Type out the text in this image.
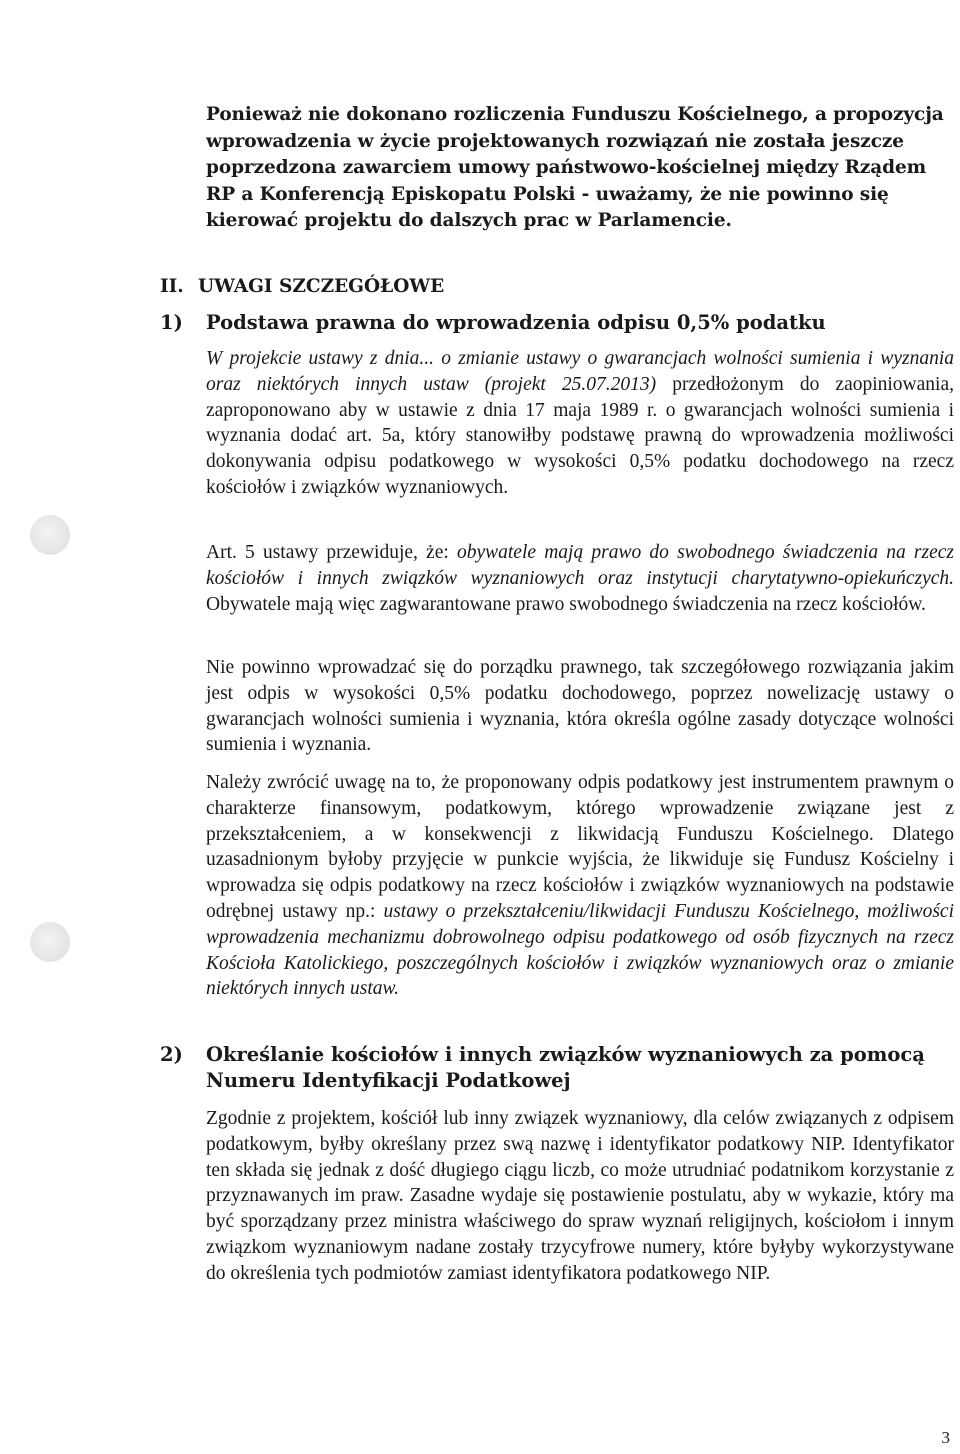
Ponieważ nie dokonano rozliczenia Funduszu Kościelnego, a propozycja wprowadzenia w życie projektowanych rozwiązań nie została jeszcze poprzedzona zawarciem umowy państwowo-kościelnej między Rządem RP a Konferencją Episkopatu Polski - uważamy, że nie powinno się kierować projektu do dalszych prac w Parlamencie.

II. UWAGI SZCZEGÓŁOWE
1) Podstawa prawna do wprowadzenia odpisu 0,5% podatku

W projekcie ustawy z dnia... o zmianie ustawy o gwarancjach wolności sumienia i wyznania oraz niektórych innych ustaw (projekt 25.07.2013) przedłożonym do zaopiniowania, zaproponowano aby w ustawie z dnia 17 maja 1989 r. o gwarancjach wolności sumienia i wyznania dodać art. 5a, który stanowiłby podstawę prawną do wprowadzenia możliwości dokonywania odpisu podatkowego w wysokości 0,5% podatku dochodowego na rzecz kościołów i związków wyznaniowych.

Art. 5 ustawy przewiduje, że: obywatele mają prawo do swobodnego świadczenia na rzecz kościołów i innych związków wyznaniowych oraz instytucji charytatywno-opiekuńczych. Obywatele mają więc zagwarantowane prawo swobodnego świadczenia na rzecz kościołów.

Nie powinno wprowadzać się do porządku prawnego, tak szczegółowego rozwiązania jakim jest odpis w wysokości 0,5% podatku dochodowego, poprzez nowelizację ustawy o gwarancjach wolności sumienia i wyznania, która określa ogólne zasady dotyczące wolności sumienia i wyznania.

Należy zwrócić uwagę na to, że proponowany odpis podatkowy jest instrumentem prawnym o charakterze finansowym, podatkowym, którego wprowadzenie związane jest z przekształceniem, a w konsekwencji z likwidacją Funduszu Kościelnego. Dlatego uzasadnionym byłoby przyjęcie w punkcie wyjścia, że likwiduje się Fundusz Kościelny i wprowadza się odpis podatkowy na rzecz kościołów i związków wyznaniowych na podstawie odrębnej ustawy np.: ustawy o przekształceniu/likwidacji Funduszu Kościelnego, możliwości wprowadzenia mechanizmu dobrowolnego odpisu podatkowego od osób fizycznych na rzecz Kościoła Katolickiego, poszczególnych kościołów i związków wyznaniowych oraz o zmianie niektórych innych ustaw.

2) Określanie kościołów i innych związków wyznaniowych za pomocą Numeru Identyfikacji Podatkowej

Zgodnie z projektem, kościół lub inny związek wyznaniowy, dla celów związanych z odpisem podatkowym, byłby określany przez swą nazwę i identyfikator podatkowy NIP. Identyfikator ten składa się jednak z dość długiego ciągu liczb, co może utrudniać podatnikom korzystanie z przyznawanych im praw. Zasadne wydaje się postawienie postulatu, aby w wykazie, który ma być sporządzany przez ministra właściwego do spraw wyznań religijnych, kościołom i innym związkom wyznaniowym nadane zostały trzycyfrowe numery, które byłyby wykorzystywane do określenia tych podmiotów zamiast identyfikatora podatkowego NIP.

3
